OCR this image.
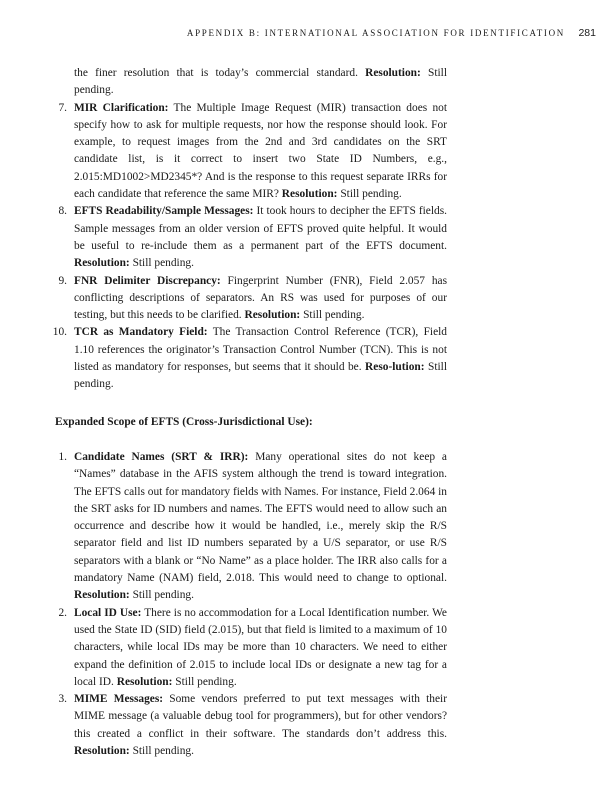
APPENDIX B: INTERNATIONAL ASSOCIATION FOR IDENTIFICATION 281
the finer resolution that is today’s commercial standard. Resolution: Still pending.
7. MIR Clarification: The Multiple Image Request (MIR) transaction does not specify how to ask for multiple requests, nor how the response should look. For example, to request images from the 2nd and 3rd candidates on the SRT candidate list, is it correct to insert two State ID Numbers, e.g., 2.015:MD1002>MD2345*? And is the response to this request separate IRRs for each candidate that reference the same MIR? Resolution: Still pending.
8. EFTS Readability/Sample Messages: It took hours to decipher the EFTS fields. Sample messages from an older version of EFTS proved quite helpful. It would be useful to re-include them as a permanent part of the EFTS document. Resolution: Still pending.
9. FNR Delimiter Discrepancy: Fingerprint Number (FNR), Field 2.057 has conflicting descriptions of separators. An RS was used for purposes of our testing, but this needs to be clarified. Resolution: Still pending.
10. TCR as Mandatory Field: The Transaction Control Reference (TCR), Field 1.10 references the originator’s Transaction Control Number (TCN). This is not listed as mandatory for responses, but seems that it should be. Reso-lution: Still pending.
Expanded Scope of EFTS (Cross-Jurisdictional Use):
1. Candidate Names (SRT & IRR): Many operational sites do not keep a “Names” database in the AFIS system although the trend is toward integration. The EFTS calls out for mandatory fields with Names. For instance, Field 2.064 in the SRT asks for ID numbers and names. The EFTS would need to allow such an occurrence and describe how it would be handled, i.e., merely skip the R/S separator field and list ID numbers separated by a U/S separator, or use R/S separators with a blank or “No Name” as a place holder. The IRR also calls for a mandatory Name (NAM) field, 2.018. This would need to change to optional. Resolution: Still pending.
2. Local ID Use: There is no accommodation for a Local Identification number. We used the State ID (SID) field (2.015), but that field is limited to a maximum of 10 characters, while local IDs may be more than 10 characters. We need to either expand the definition of 2.015 to include local IDs or designate a new tag for a local ID. Resolution: Still pending.
3. MIME Messages: Some vendors preferred to put text messages with their MIME message (a valuable debug tool for programmers), but for other vendors? this created a conflict in their software. The standards don’t address this. Resolution: Still pending.
